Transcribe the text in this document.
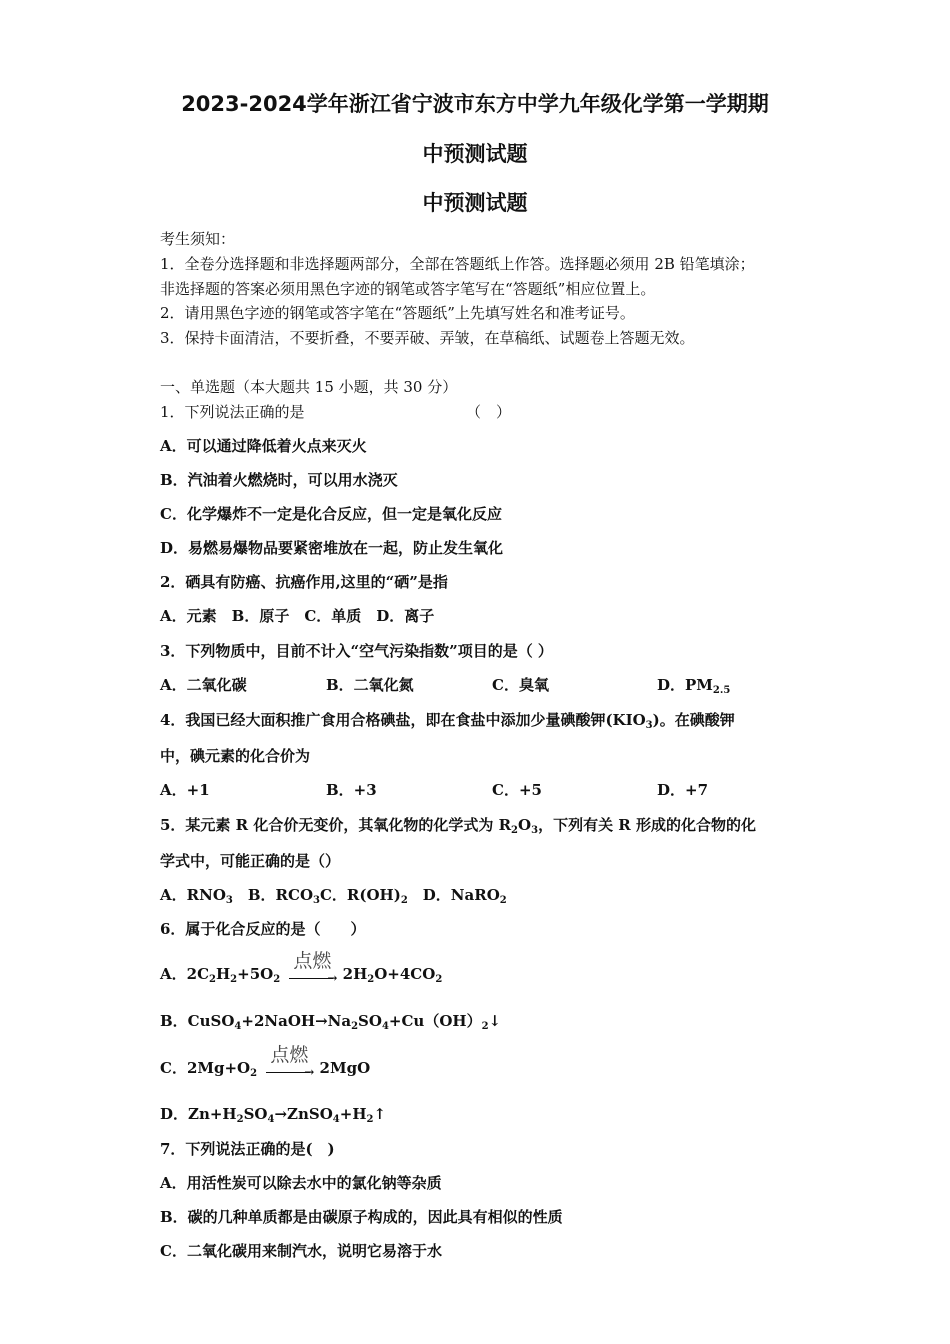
2023-2024学年浙江省宁波市东方中学九年级化学第一学期期
中预测试题
中预测试题
考生须知：
1．全卷分选择题和非选择题两部分，全部在答题纸上作答。选择题必须用 2B 铅笔填涂；
非选择题的答案必须用黑色字迹的钢笔或答字笔写在“答题纸”相应位置上。
2．请用黑色字迹的钢笔或答字笔在“答题纸”上先填写姓名和准考证号。
3．保持卡面清洁，不要折叠，不要弄破、弄皱，在草稿纸、试题卷上答题无效。
一、单选题（本大题共 15 小题，共 30 分）
1．下列说法正确的是	（　）
A．可以通过降低着火点来灭火
B．汽油着火燃烧时，可以用水浇灭
C．化学爆炸不一定是化合反应，但一定是氧化反应
D．易燃易爆物品要紧密堆放在一起，防止发生氧化
2．硒具有防癌、抗癌作用,这里的“硒”是指
A．元素　B．原子　C．单质　D．离子
3．下列物质中，目前不计入“空气污染指数”项目的是（ ）
A．二氧化碳	B．二氧化氮	C．臭氧	D．$PM_{2.5}$
4．我国已经大面积推广食用合格碘盐，即在食盐中添加少量碘酸钾$(KIO_3)$。在碘酸钾
中，碘元素的化合价为
A．+1	B．+3	C．+5	D．+7
5．某元素 R 化合价无变价，其氧化物的化学式为 $R_2O_3$，下列有关 R 形成的化合物的化
学式中，可能正确的是（）
A．$RNO_3$　B．$RCO_3C$．$R(OH)_2$　D．NaRO$_2$
6．属于化合反应的是（　　）
A．$2C_2H_2+5O_2$
点燃
→ $2H_2O+4CO_2$
B．$CuSO_4+2NaOH\to Na_2SO_4+Cu(OH)_2↓$
C．$2Mg+O_2$
点燃
→ 2MgO
D．$Zn+H_2SO_4\to ZnSO_4+H_2↑$
7．下列说法正确的是(　)
A．用活性炭可以除去水中的氯化钠等杂质
B．碳的几种单质都是由碳原子构成的，因此具有相似的性质
C．二氧化碳用来制汽水，说明它易溶于水
